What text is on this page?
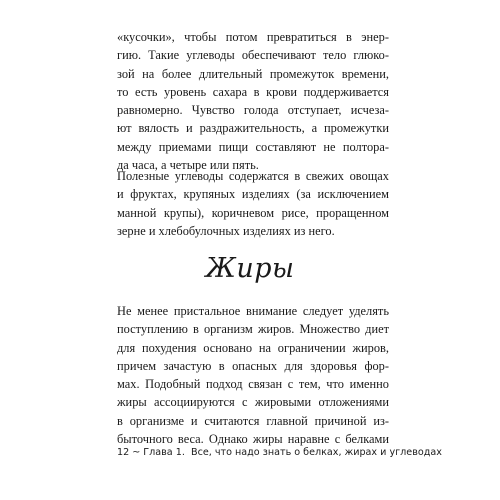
«кусочки», чтобы потом превратиться в энер-
гию. Такие углеводы обеспечивают тело глюко-
зой на более длительный промежуток времени,
то есть уровень сахара в крови поддерживается
равномерно. Чувство голода отступает, исчеза-
ют вялость и раздражительность, а промежутки
между приемами пищи составляют не полтора-
да часа, а четыре или пять.
Полезные углеводы содержатся в свежих овощах
и фруктах, крупяных изделиях (за исключением
манной крупы), коричневом рисе, проращенном
зерне и хлебобулочных изделиях из него.
Жиры
Не менее пристальное внимание следует уделять
поступлению в организм жиров. Множество диет
для похудения основано на ограничении жиров,
причем зачастую в опасных для здоровья фор-
мах. Подобный подход связан с тем, что именно
жиры ассоциируются с жировыми отложениями
в организме и считаются главной причиной из-
быточного веса. Однако жиры наравне с белками
12 ~ Глава 1. Все, что надо знать о белках, жирах и углеводах
